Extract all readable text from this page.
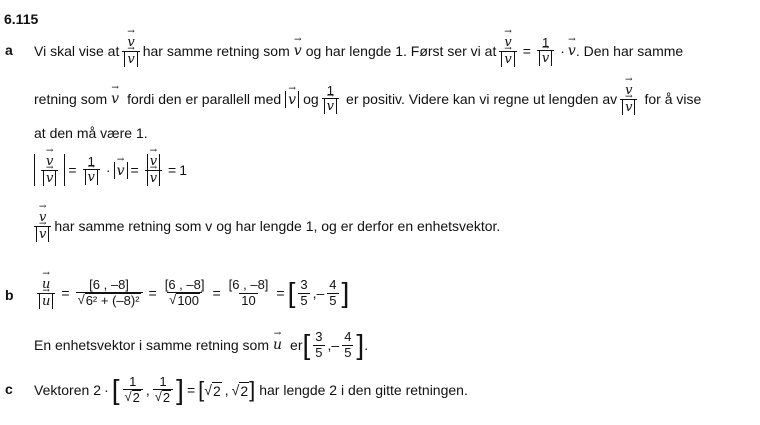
6.115
a Vi skal vise at → v
→ v har samme retning som → v og har lengde 1. Først ser vi at → v
→ v = 1
→ v · → v . Den har samme
retning som → v fordi den er parallell med → v og 1
→ v er positiv. Videre kan vi regne ut lengden av → v
→ v for å vise
at den må være 1.
→ v
→ v = 1
→ v · → v = → v
→ v = 1
→ v
→ v har samme retning som v og har lengde 1, og er derfor en enhetsvektor.
b → u
→ $u = \frac{[6 , -8]}{\text{√ 6² + (–8)²}} = \frac{[6 , -8]}{√ 100} = \frac{[6 , -8]}{10}$ = [ $\frac{3}{5}$ , – $\frac{4}{5}$ ]
En enhetsvektor i samme retning som → u er [ $\frac{3}{5}$ , – $\frac{4}{5}$ ] .
c Vektoren 2 · [ $\frac{1}{√ 2}$ , $\frac{1}{√ 2}$ ] = [ √ 2 , √ 2 ] har lengde 2 i den gitte retningen.
